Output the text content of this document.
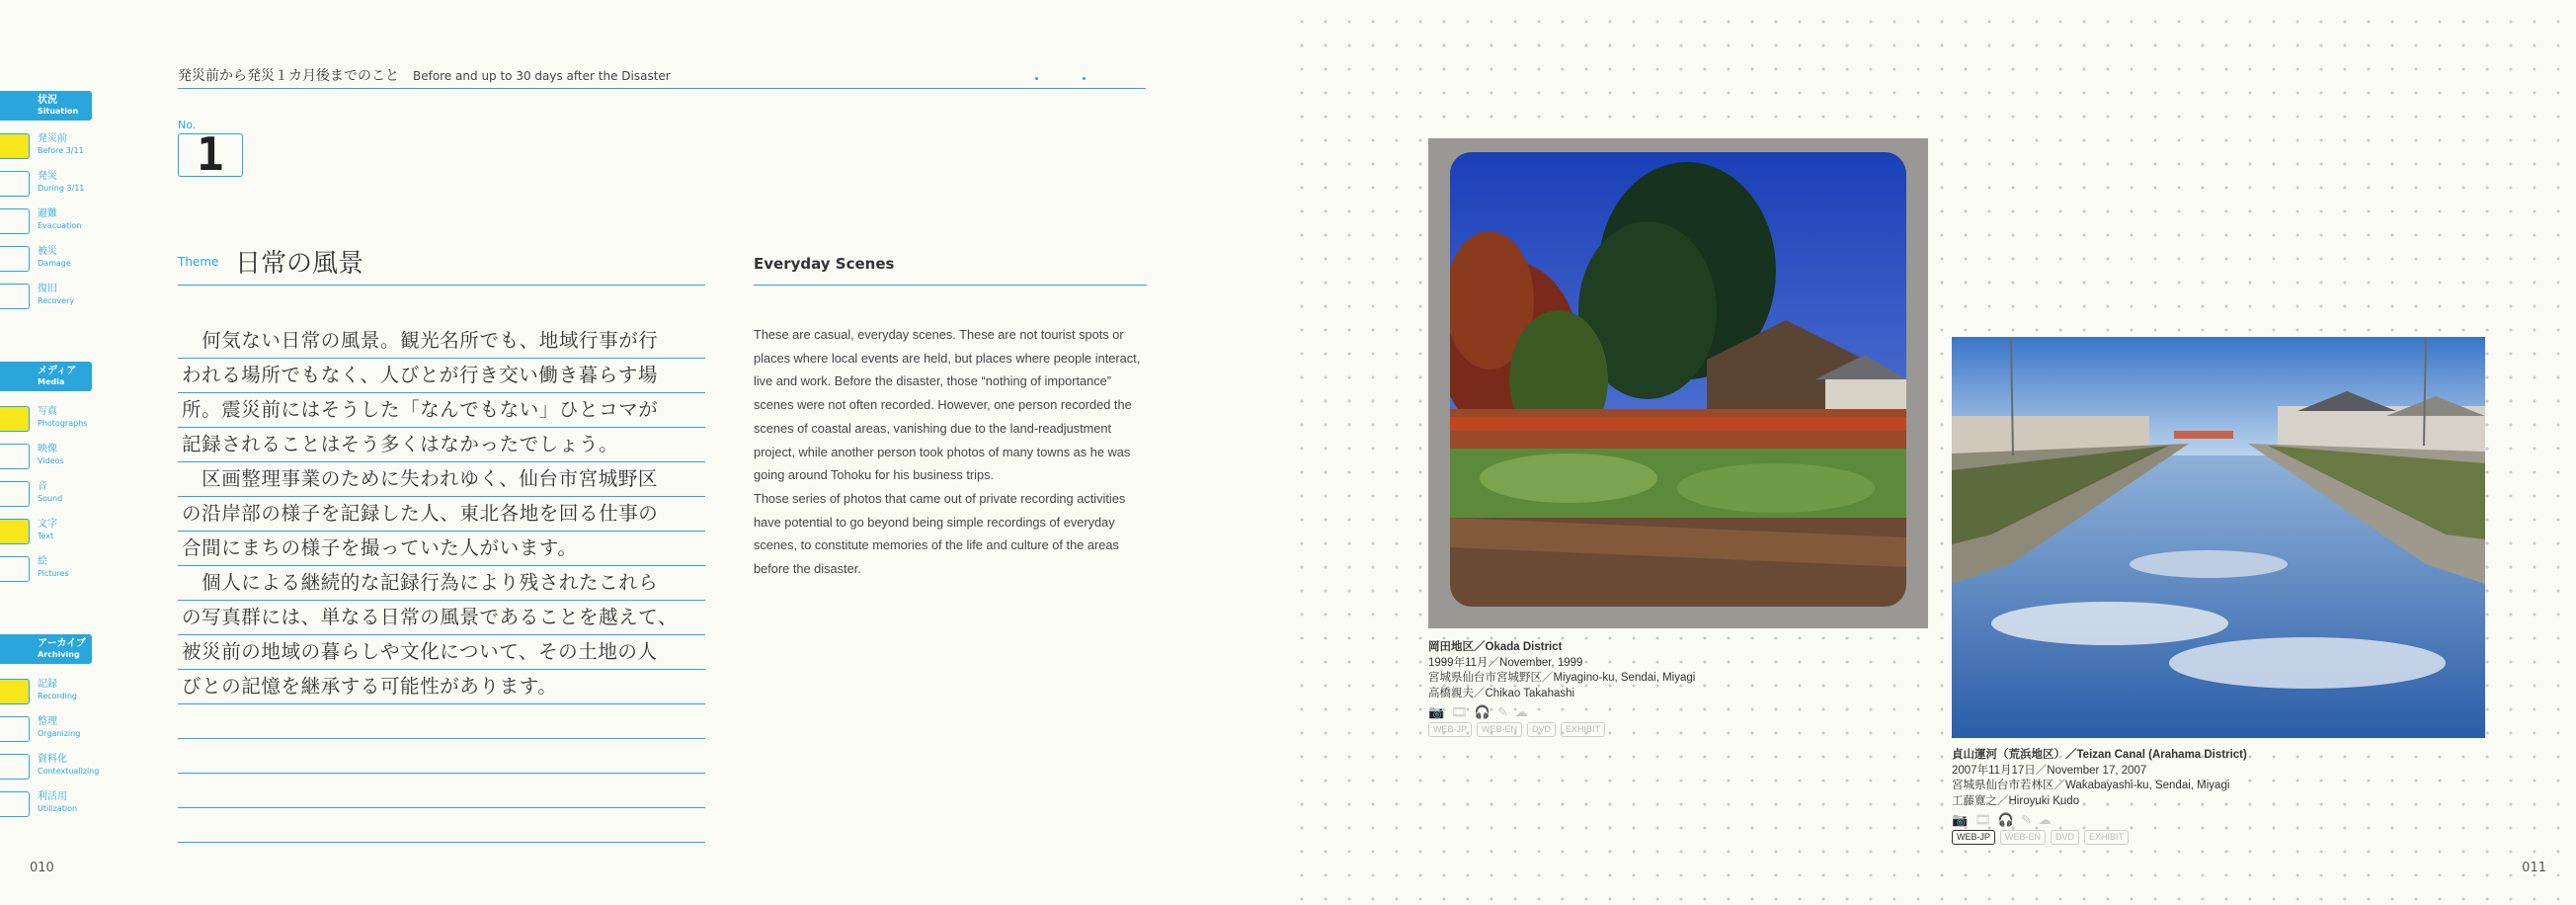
状況
Situation
発災前
Before 3/11
発災
During 3/11
避難
Evacuation
被災
Damage
復旧
Recovery
メディア
Media
写真
Photographs
映像
Videos
音
Sound
文字
Text
絵
Pictures
アーカイブ
Archiving
記録
Recording
整理
Organizing
資料化
Contextualizing
利活用
Utilization
発災前から発災１カ月後までのこと Before and up to 30 days after the Disaster
No.
1
Theme 日常の風景
　何気ない日常の風景。観光名所でも、地域行事が行
われる場所でもなく、人びとが行き交い働き暮らす場
所。震災前にはそうした「なんでもない」ひとコマが
記録されることはそう多くはなかったでしょう。
　区画整理事業のために失われゆく、仙台市宮城野区
の沿岸部の様子を記録した人、東北各地を回る仕事の
合間にまちの様子を撮っていた人がいます。
　個人による継続的な記録行為により残されたこれら
の写真群には、単なる日常の風景であることを越えて、
被災前の地域の暮らしや文化について、その土地の人
びとの記憶を継承する可能性があります。
Everyday Scenes
These are casual, everyday scenes. These are not tourist spots or places where local events are held, but places where people interact, live and work. Before the disaster, those “nothing of importance” scenes were not often recorded. However, one person recorded the scenes of coastal areas, vanishing due to the land-readjustment project, while another person took photos of many towns as he was going around Tohoku for his business trips.
Those series of photos that came out of private recording activities have potential to go beyond being simple recordings of everyday scenes, to constitute memories of the life and culture of the areas before the disaster.
010
岡田地区／Okada District
1999年11月／November, 1999
宮城県仙台市宮城野区／Miyagino-ku, Sendai, Miyagi
高橋親夫／Chikao Takahashi
📷 🎞 🎧 ✎ ☁
WEB-JP	WEB-EN	DVD	EXHIBIT
貞山運河（荒浜地区）／Teizan Canal (Arahama District)
2007年11月17日／November 17, 2007
宮城県仙台市若林区／Wakabayashi-ku, Sendai, Miyagi
工藤寛之／Hiroyuki Kudo
📷 🎞 🎧 ✎ ☁
WEB-JP	WEB-EN	DVD	EXHIBIT
011
